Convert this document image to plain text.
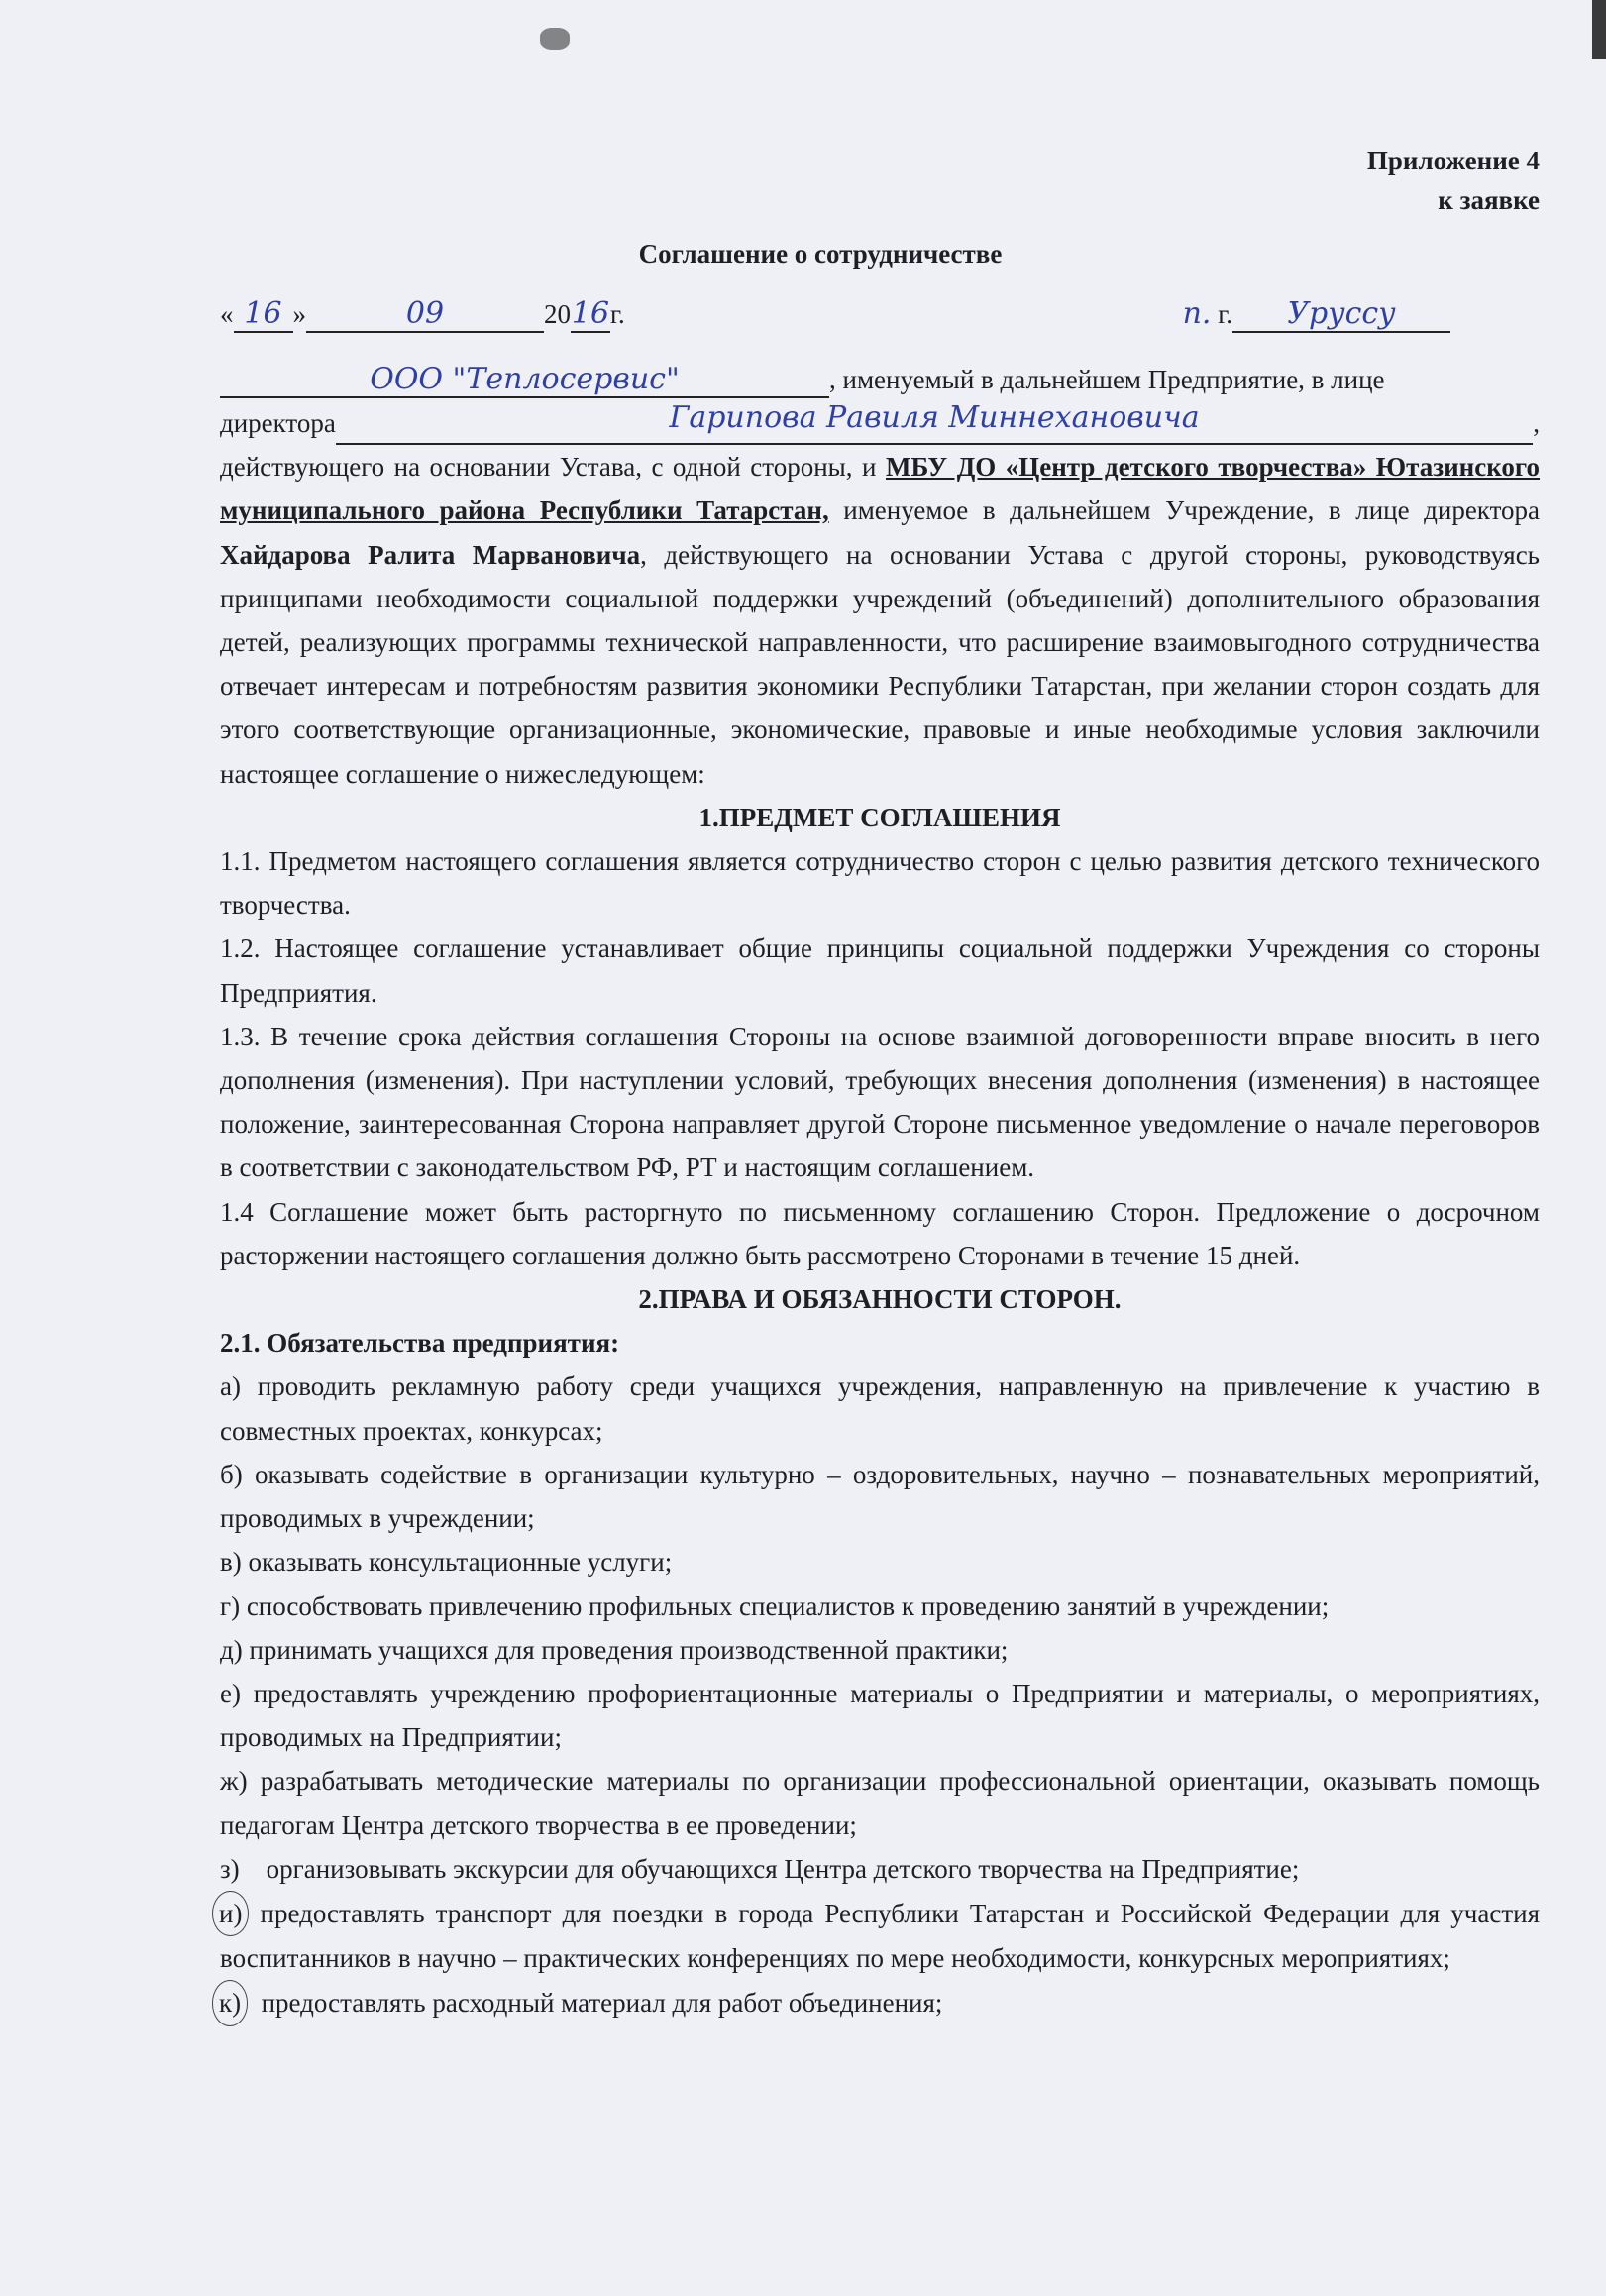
Приложение 4
к заявке
Соглашение о сотрудничестве
« 16 »	09	2016г.	п. г. Уруссу
ООО "Теплосервис"	, именуемый в дальнейшем Предприятие, в лице
директора	Гарипова Равиля Миннехановича	,

действующего на основании Устава, с одной стороны, и МБУ ДО «Центр детского творчества» Ютазинского муниципального района Республики Татарстан, именуемое в дальнейшем Учреждение, в лице директора Хайдарова Ралита Марвановича, действующего на основании Устава с другой стороны, руководствуясь принципами необходимости социальной поддержки учреждений (объединений) дополнительного образования детей, реализующих программы технической направленности, что расширение взаимовыгодного сотрудничества отвечает интересам и потребностям развития экономики Республики Татарстан, при желании сторон создать для этого соответствующие организационные, экономические, правовые и иные необходимые условия заключили настоящее соглашение о нижеследующем:

1.ПРЕДМЕТ СОГЛАШЕНИЯ

1.1. Предметом настоящего соглашения является сотрудничество сторон с целью развития детского технического творчества.

1.2. Настоящее соглашение устанавливает общие принципы социальной поддержки Учреждения со стороны Предприятия.

1.3. В течение срока действия соглашения Стороны на основе взаимной договоренности вправе вносить в него дополнения (изменения). При наступлении условий, требующих внесения дополнения (изменения) в настоящее положение, заинтересованная Сторона направляет другой Стороне письменное уведомление о начале переговоров в соответствии с законодательством РФ, РТ и настоящим соглашением.

1.4 Соглашение может быть расторгнуто по письменному соглашению Сторон. Предложение о досрочном расторжении настоящего соглашения должно быть рассмотрено Сторонами в течение 15 дней.

2.ПРАВА И ОБЯЗАННОСТИ СТОРОН.
2.1. Обязательства предприятия:

а) проводить рекламную работу среди учащихся учреждения, направленную на привлечение к участию в совместных проектах, конкурсах;

б) оказывать содействие в организации культурно – оздоровительных, научно – познавательных мероприятий, проводимых в учреждении;

в) оказывать консультационные услуги;

г) способствовать привлечению профильных специалистов к проведению занятий в учреждении;

д) принимать учащихся для проведения производственной практики;

е) предоставлять учреждению профориентационные материалы о Предприятии и материалы, о мероприятиях, проводимых на Предприятии;

ж) разрабатывать методические материалы по организации профессиональной ориентации, оказывать помощь педагогам Центра детского творчества в ее проведении;

з)    организовывать экскурсии для обучающихся Центра детского творчества на Предприятие;

и) предоставлять транспорт для поездки в города Республики Татарстан и Российской Федерации для участия воспитанников в научно – практических конференциях по мере необходимости, конкурсных мероприятиях;

к)  предоставлять расходный материал для работ объединения;
